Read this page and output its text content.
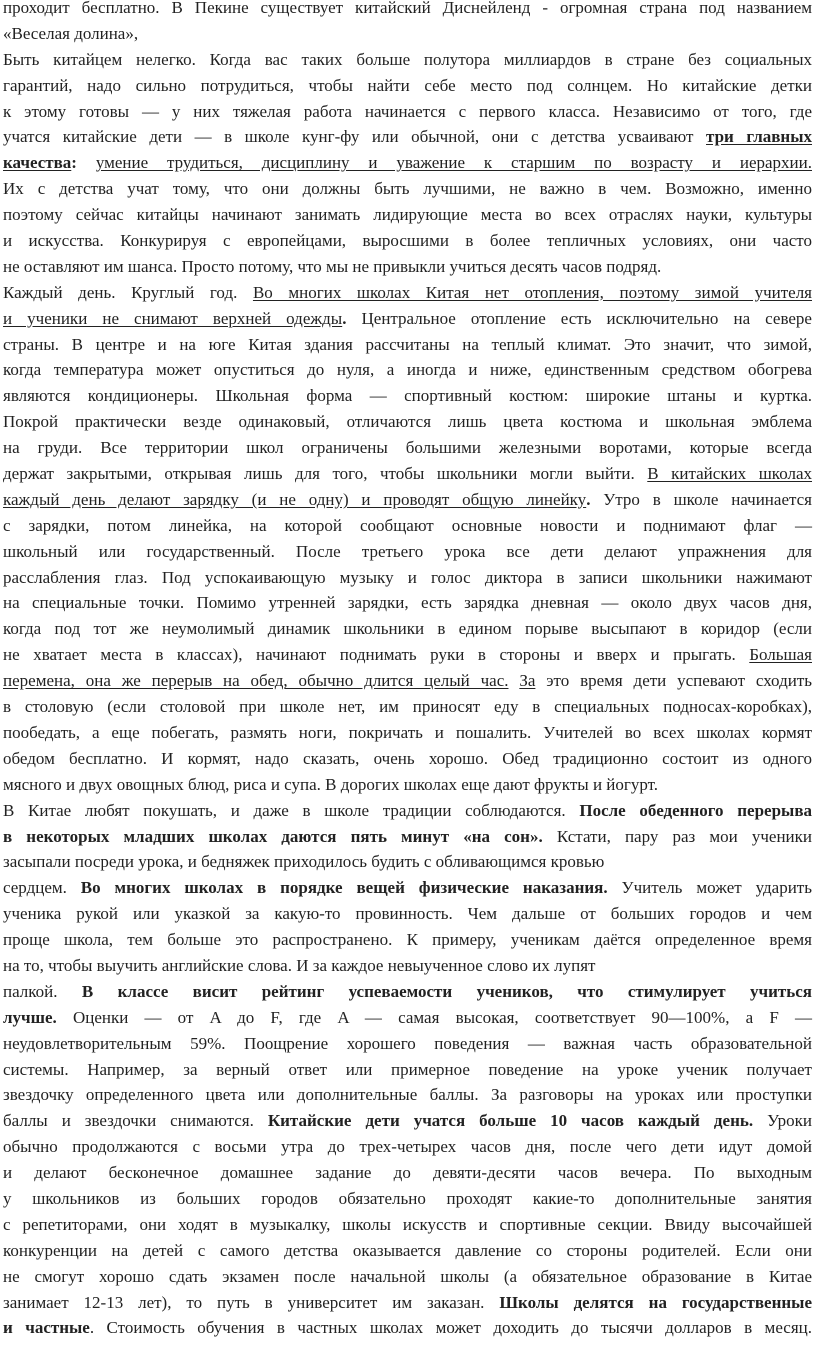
проходит бесплатно. В Пекине существует китайский Диснейленд - огромная страна под названием
«Веселая долина»,
Быть китайцем нелегко. Когда вас таких больше полутора миллиардов в стране без социальных
гарантий, надо сильно потрудиться, чтобы найти себе место под солнцем. Но китайские детки
к этому готовы — у них тяжелая работа начинается с первого класса. Независимо от того, где
учатся китайские дети — в школе кунг-фу или обычной, они с детства усваивают три главных
качества: умение трудиться, дисциплину и уважение к старшим по возрасту и иерархии.
Их с детства учат тому, что они должны быть лучшими, не важно в чем. Возможно, именно
поэтому сейчас китайцы начинают занимать лидирующие места во всех отраслях науки, культуры
и искусства. Конкурируя с европейцами, выросшими в более тепличных условиях, они часто
не оставляют им шанса. Просто потому, что мы не привыкли учиться десять часов подряд.
Каждый день. Круглый год. Во многих школах Китая нет отопления, поэтому зимой учителя
и ученики не снимают верхней одежды. Центральное отопление есть исключительно на севере
страны. В центре и на юге Китая здания рассчитаны на теплый климат. Это значит, что зимой,
когда температура может опуститься до нуля, а иногда и ниже, единственным средством обогрева
являются кондиционеры. Школьная форма — спортивный костюм: широкие штаны и куртка.
Покрой практически везде одинаковый, отличаются лишь цвета костюма и школьная эмблема
на груди. Все территории школ ограничены большими железными воротами, которые всегда
держат закрытыми, открывая лишь для того, чтобы школьники могли выйти. В китайских школах
каждый день делают зарядку (и не одну) и проводят общую линейку. Утро в школе начинается
с зарядки, потом линейка, на которой сообщают основные новости и поднимают флаг —
школьный или государственный. После третьего урока все дети делают упражнения для
расслабления глаз. Под успокаивающую музыку и голос диктора в записи школьники нажимают
на специальные точки. Помимо утренней зарядки, есть зарядка дневная — около двух часов дня,
когда под тот же неумолимый динамик школьники в едином порыве высыпают в коридор (если
не хватает места в классах), начинают поднимать руки в стороны и вверх и прыгать. Большая
перемена, она же перерыв на обед, обычно длится целый час. За это время дети успевают сходить
в столовую (если столовой при школе нет, им приносят еду в специальных подносах-коробках),
пообедать, а еще побегать, размять ноги, покричать и пошалить. Учителей во всех школах кормят
обедом бесплатно. И кормят, надо сказать, очень хорошо. Обед традиционно состоит из одного
мясного и двух овощных блюд, риса и супа. В дорогих школах еще дают фрукты и йогурт.
В Китае любят покушать, и даже в школе традиции соблюдаются. После обеденного перерыва
в некоторых младших школах даются пять минут «на сон». Кстати, пару раз мои ученики
засыпали посреди урока, и бедняжек приходилось будить с обливающимся кровью
сердцем. Во многих школах в порядке вещей физические наказания. Учитель может ударить
ученика рукой или указкой за какую-то провинность. Чем дальше от больших городов и чем
проще школа, тем больше это распространено. К примеру, ученикам даётся определенное время
на то, чтобы выучить английские слова. И за каждое невыученное слово их лупят
палкой. В классе висит рейтинг успеваемости учеников, что стимулирует учиться
лучше. Оценки — от A до F, где A — самая высокая, соответствует 90—100%, а F —
неудовлетворительным 59%. Поощрение хорошего поведения — важная часть образовательной
системы. Например, за верный ответ или примерное поведение на уроке ученик получает
звездочку определенного цвета или дополнительные баллы. За разговоры на уроках или проступки
баллы и звездочки снимаются. Китайские дети учатся больше 10 часов каждый день. Уроки
обычно продолжаются с восьми утра до трех-четырех часов дня, после чего дети идут домой
и делают бесконечное домашнее задание до девяти-десяти часов вечера. По выходным
у школьников из больших городов обязательно проходят какие-то дополнительные занятия
с репетиторами, они ходят в музыкалку, школы искусств и спортивные секции. Ввиду высочайшей
конкуренции на детей с самого детства оказывается давление со стороны родителей. Если они
не смогут хорошо сдать экзамен после начальной школы (а обязательное образование в Китае
занимает 12-13 лет), то путь в университет им заказан. Школы делятся на государственные
и частные. Стоимость обучения в частных школах может доходить до тысячи долларов в месяц.
